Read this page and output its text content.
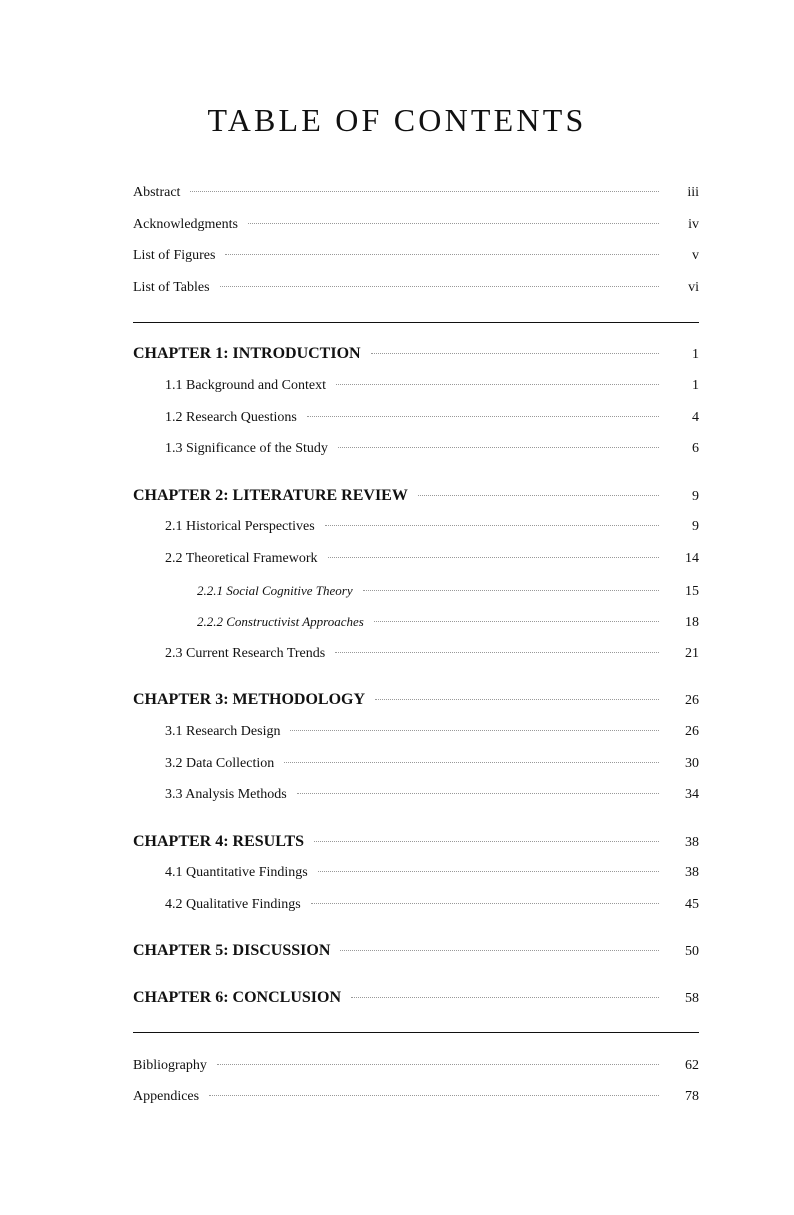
TABLE OF CONTENTS
Abstract	iii
Acknowledgments	iv
List of Figures	v
List of Tables	vi
CHAPTER 1: INTRODUCTION	1
1.1 Background and Context	1
1.2 Research Questions	4
1.3 Significance of the Study	6
CHAPTER 2: LITERATURE REVIEW	9
2.1 Historical Perspectives	9
2.2 Theoretical Framework	14
2.2.1 Social Cognitive Theory	15
2.2.2 Constructivist Approaches	18
2.3 Current Research Trends	21
CHAPTER 3: METHODOLOGY	26
3.1 Research Design	26
3.2 Data Collection	30
3.3 Analysis Methods	34
CHAPTER 4: RESULTS	38
4.1 Quantitative Findings	38
4.2 Qualitative Findings	45
CHAPTER 5: DISCUSSION	50
CHAPTER 6: CONCLUSION	58
Bibliography	62
Appendices	78
